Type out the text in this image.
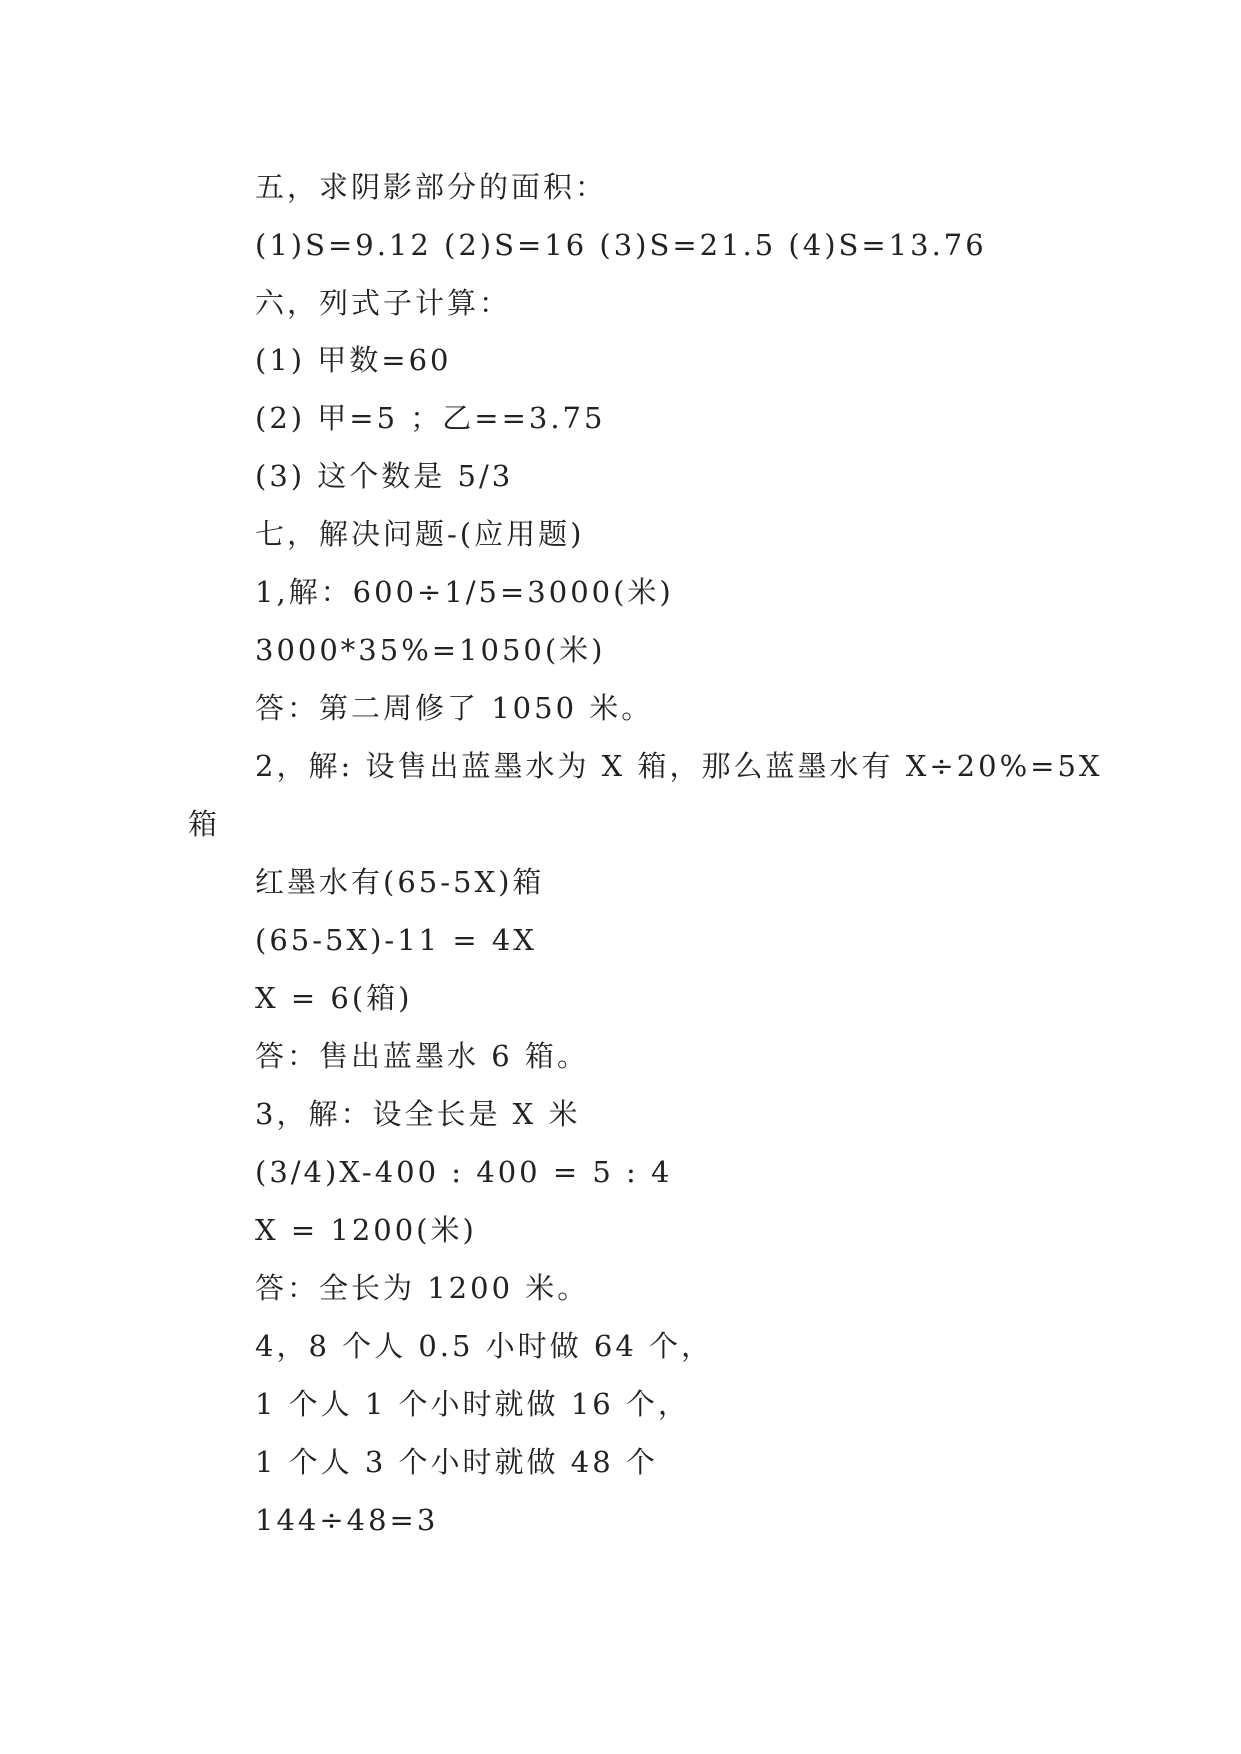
五，求阴影部分的面积：
(1)S=9.12 (2)S=16 (3)S=21.5 (4)S=13.76
六，列式子计算：
(1) 甲数=60
(2) 甲=5 ；乙==3.75
(3) 这个数是 5/3
七，解决问题-(应用题)
1,解：600÷1/5=3000(米)
3000*35%=1050(米)
答：第二周修了 1050 米。
2，解: 设售出蓝墨水为 X 箱，那么蓝墨水有 X÷20%=5X
箱
红墨水有(65-5X)箱
(65-5X)-11 = 4X
X = 6(箱)
答：售出蓝墨水 6 箱。
3，解：设全长是 X 米
(3/4)X-400 : 400 = 5 : 4
X = 1200(米)
答：全长为 1200 米。
4，8 个人 0.5 小时做 64 个，
1 个人 1 个小时就做 16 个，
1 个人 3 个小时就做 48 个
144÷48=3
